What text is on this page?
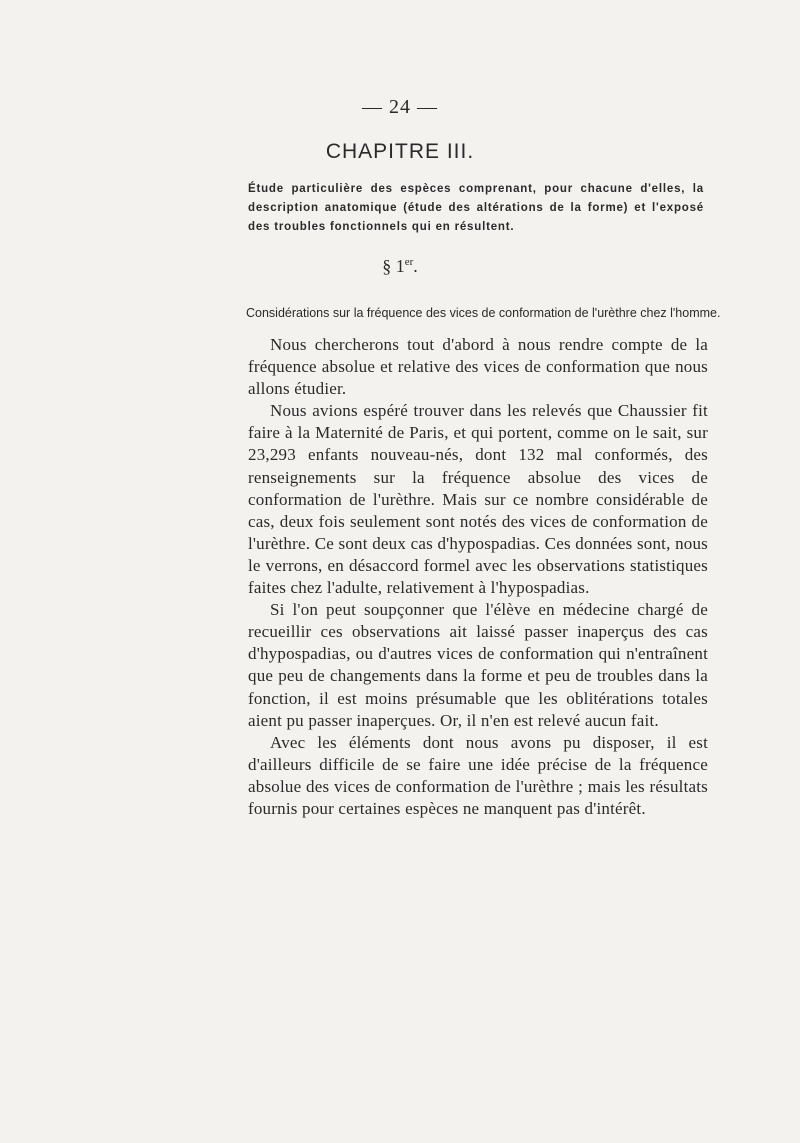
— 24 —
CHAPITRE III.
Étude particulière des espèces comprenant, pour chacune d'elles, la description anatomique (étude des altérations de la forme) et l'exposé des troubles fonctionnels qui en résultent.
§ 1er.
Considérations sur la fréquence des vices de conformation de l'urèthre chez l'homme.

Nous chercherons tout d'abord à nous rendre compte de la fréquence absolue et relative des vices de conformation que nous allons étudier.

Nous avions espéré trouver dans les relevés que Chaussier fit faire à la Maternité de Paris, et qui portent, comme on le sait, sur 23,293 enfants nouveau-nés, dont 132 mal conformés, des renseignements sur la fréquence absolue des vices de conformation de l'urèthre. Mais sur ce nombre considérable de cas, deux fois seulement sont notés des vices de conformation de l'urèthre. Ce sont deux cas d'hypospadias. Ces données sont, nous le verrons, en désaccord formel avec les observations statistiques faites chez l'adulte, relativement à l'hypospadias.

Si l'on peut soupçonner que l'élève en médecine chargé de recueillir ces observations ait laissé passer inaperçus des cas d'hypospadias, ou d'autres vices de conformation qui n'entraînent que peu de changements dans la forme et peu de troubles dans la fonction, il est moins présumable que les oblitérations totales aient pu passer inaperçues. Or, il n'en est relevé aucun fait.

Avec les éléments dont nous avons pu disposer, il est d'ailleurs difficile de se faire une idée précise de la fréquence absolue des vices de conformation de l'urèthre ; mais les résultats fournis pour certaines espèces ne manquent pas d'intérêt.
